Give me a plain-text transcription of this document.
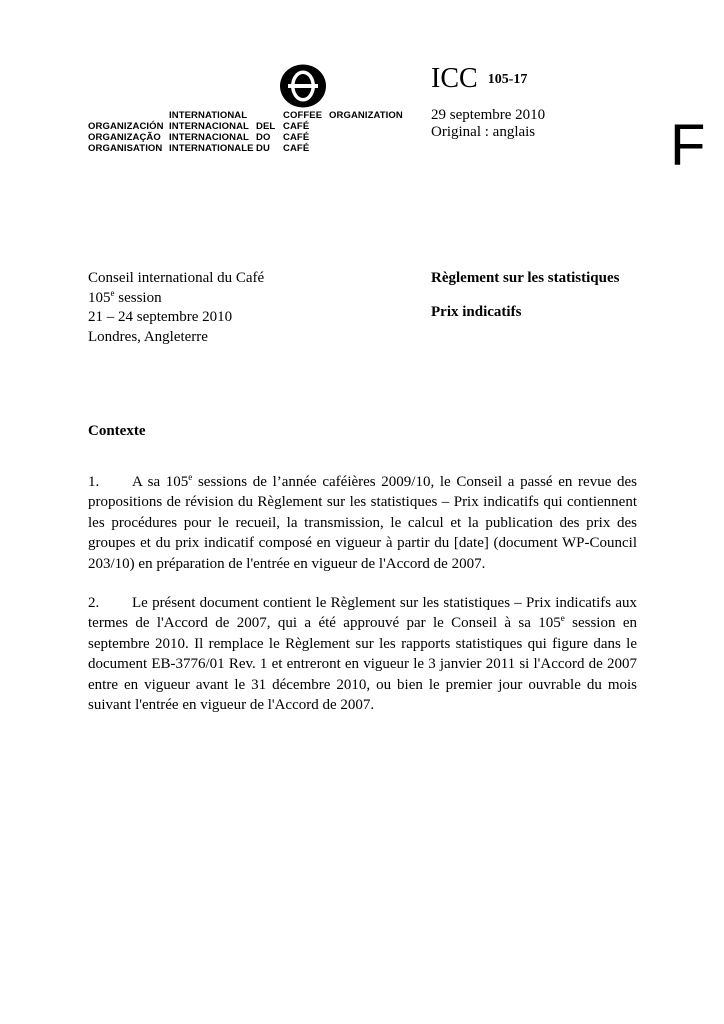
INTERNATIONAL	COFFEE ORGANIZATION
ORGANIZACIÓN INTERNACIONAL DEL CAFÉ
ORGANIZAÇÃO INTERNACIONAL DO CAFÉ
ORGANISATION INTERNATIONALE DU CAFÉ
ICC 105-17
29 septembre 2010
Original : anglais F
Conseil international du Café
105e session
21 – 24 septembre 2010
Londres, Angleterre
Règlement sur les statistiques
Prix indicatifs
Contexte
1. A sa 105e sessions de l’année caféières 2009/10, le Conseil a passé en revue des propositions de révision du Règlement sur les statistiques – Prix indicatifs qui contiennent les procédures pour le recueil, la transmission, le calcul et la publication des prix des groupes et du prix indicatif composé en vigueur à partir du [date] (document WP-Council 203/10) en préparation de l'entrée en vigueur de l'Accord de 2007.
2. Le présent document contient le Règlement sur les statistiques – Prix indicatifs aux termes de l'Accord de 2007, qui a été approuvé par le Conseil à sa 105e session en septembre 2010. Il remplace le Règlement sur les rapports statistiques qui figure dans le document EB-3776/01 Rev. 1 et entreront en vigueur le 3 janvier 2011 si l'Accord de 2007 entre en vigueur avant le 31 décembre 2010, ou bien le premier jour ouvrable du mois suivant l'entrée en vigueur de l'Accord de 2007.
